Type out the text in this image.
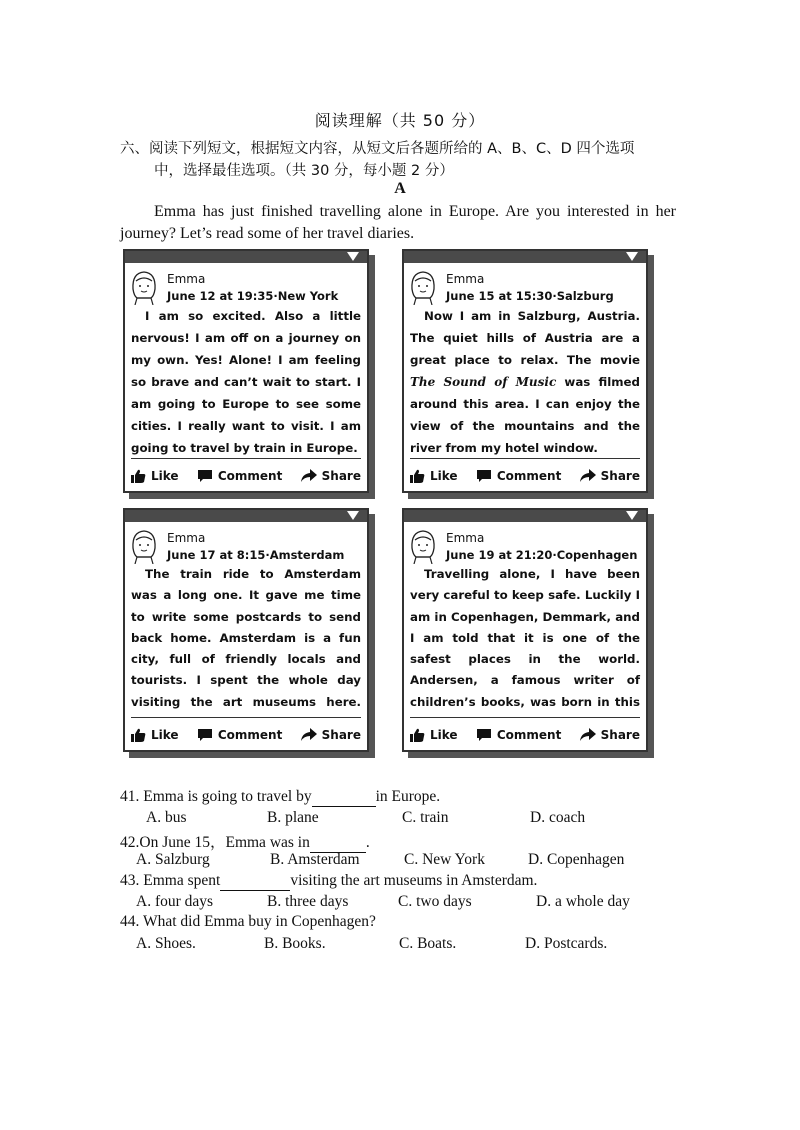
阅读理解（共 50 分）
六、阅读下列短文，根据短文内容，从短文后各题所给的 A、B、C、D 四个选项
中，选择最佳选项。（共 30 分，每小题 2 分）
A

Emma has just finished travelling alone in Europe. Are you interested in her journey? Let’s read some of her travel diaries.

Emma
June 12 at 19:35·New York

I am so excited. Also a little nervous! I am off on a journey on my own. Yes! Alone! I am feeling so brave and can’t wait to start. I am going to Europe to see some cities. I really want to visit. I am going to travel by train in Europe.

Like	Comment	Share
Emma
June 15 at 15:30·Salzburg

Now I am in Salzburg, Austria. The quiet hills of Austria are a great place to relax. The movie The Sound of Music was filmed around this area. I can enjoy the view of the mountains and the river from my hotel window.

Like	Comment	Share
Emma
June 17 at 8:15·Amsterdam

The train ride to Amsterdam was a long one. It gave me time to write some postcards to send back home. Amsterdam is a fun city, full of friendly locals and tourists. I spent the whole day visiting the art museums here.

Like	Comment	Share
Emma
June 19 at 21:20·Copenhagen

Travelling alone, I have been very careful to keep safe. Luckily I am in Copenhagen, Demmark, and I am told that it is one of the safest places in the world. Andersen, a famous writer of children’s books, was born in this

Like	Comment	Share
41. Emma is going to travel by	in Europe.
A. bus	B. plane	C. train	D. coach
42.On June 15，Emma was in	.
A. Salzburg	B. Amsterdam	C. New York	D. Copenhagen
43. Emma spent	visiting the art museums in Amsterdam.
A. four days	B. three days	C. two days	D. a whole day
44. What did Emma buy in Copenhagen?
A. Shoes.	B. Books.	C. Boats.	D. Postcards.
